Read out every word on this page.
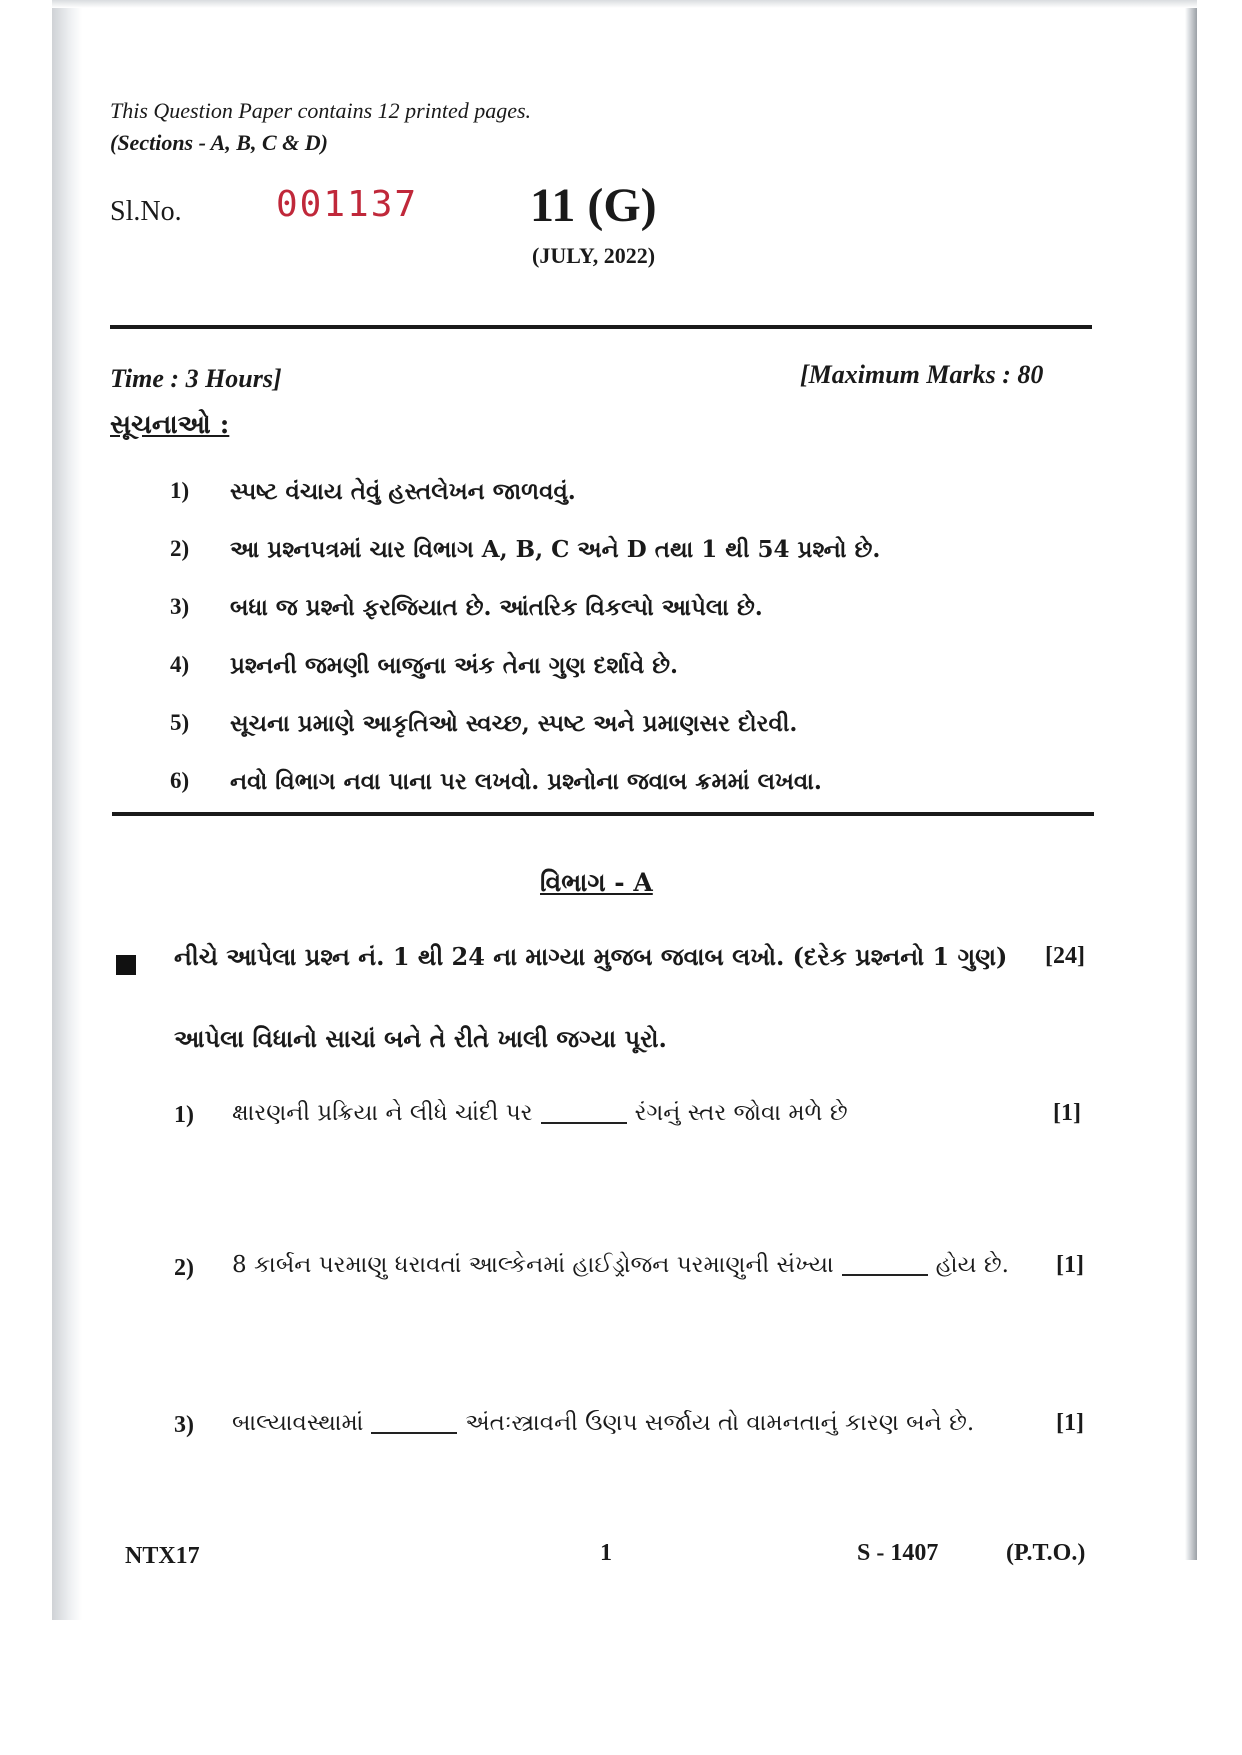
This Question Paper contains 12 printed pages.
(Sections - A, B, C & D)
Sl.No.	001137 11 (G)
(JULY, 2022)
Time : 3 Hours]	[Maximum Marks : 80
સૂચનાઓ :
1)	સ્પષ્ટ વંચાય તેવું હસ્તલેખન જાળવવું.
2)	આ પ્રશ્નપત્રમાં ચાર વિભાગ A, B, C અને D તથા 1 થી 54 પ્રશ્નો છે.
3)	બધા જ પ્રશ્નો ફરજિયાત છે. આંતરિક વિકલ્પો આપેલા છે.
4)	પ્રશ્નની જમણી બાજુના અંક તેના ગુણ દર્શાવે છે.
5)	સૂચના પ્રમાણે આકૃતિઓ સ્વચ્છ, સ્પષ્ટ અને પ્રમાણસર દોરવી.
6)	નવો વિભાગ નવા પાના પર લખવો. પ્રશ્નોના જવાબ ક્રમમાં લખવા.
વિભાગ - A
નીચે આપેલા પ્રશ્ન નં. 1 થી 24 ના માગ્યા મુજબ જવાબ લખો. (દરેક પ્રશ્નનો 1 ગુણ) [24]
આપેલા વિધાનો સાચાં બને તે રીતે ખાલી જગ્યા પૂરો.
1) ક્ષારણની પ્રક્રિયા ને લીધે ચાંદી પર	રંગનું સ્તર જોવા મળે છે	[1]
2) 8 કાર્બન પરમાણુ ધરાવતાં આલ્કેનમાં હાઈડ્રોજન પરમાણુની સંખ્યા	હોય છે. [1]
3) બાલ્યાવસ્થામાં	અંતઃસ્ત્રાવની ઉણપ સર્જાય તો વામનતાનું કારણ બને છે.	[1]
NTX17	1	S - 1407	(P.T.O.)
